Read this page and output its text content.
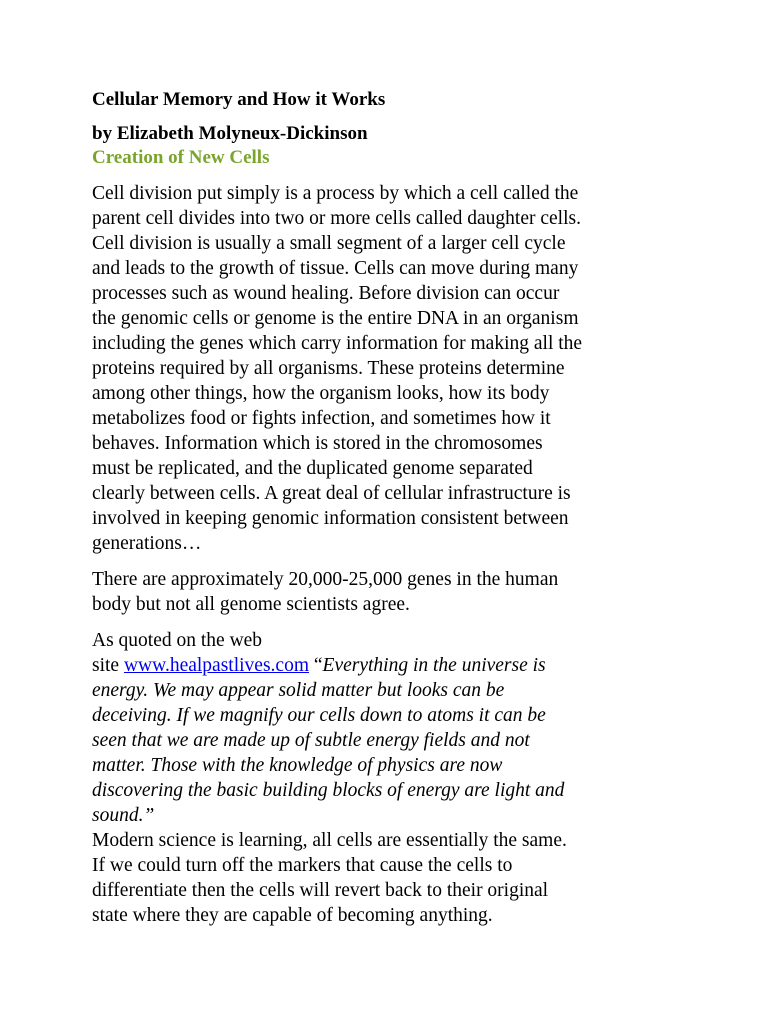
Cellular Memory and How it Works

by Elizabeth Molyneux-Dickinson

Creation of New Cells

Cell division put simply is a process by which a cell called the
parent cell divides into two or more cells called daughter cells.
Cell division is usually a small segment of a larger cell cycle
and leads to the growth of tissue. Cells can move during many
processes such as wound healing. Before division can occur
the genomic cells or genome is the entire DNA in an organism
including the genes which carry information for making all the
proteins required by all organisms. These proteins determine
among other things, how the organism looks, how its body
metabolizes food or fights infection, and sometimes how it
behaves. Information which is stored in the chromosomes
must be replicated, and the duplicated genome separated
clearly between cells. A great deal of cellular infrastructure is
involved in keeping genomic information consistent between
generations…

There are approximately 20,000-25,000 genes in the human
body but not all genome scientists agree.

As quoted on the web
site www.healpastlives.com “Everything in the universe is
energy. We may appear solid matter but looks can be
deceiving. If we magnify our cells down to atoms it can be
seen that we are made up of subtle energy fields and not
matter. Those with the knowledge of physics are now
discovering the basic building blocks of energy are light and
sound.”

Modern science is learning, all cells are essentially the same.
If we could turn off the markers that cause the cells to
differentiate then the cells will revert back to their original
state where they are capable of becoming anything.
